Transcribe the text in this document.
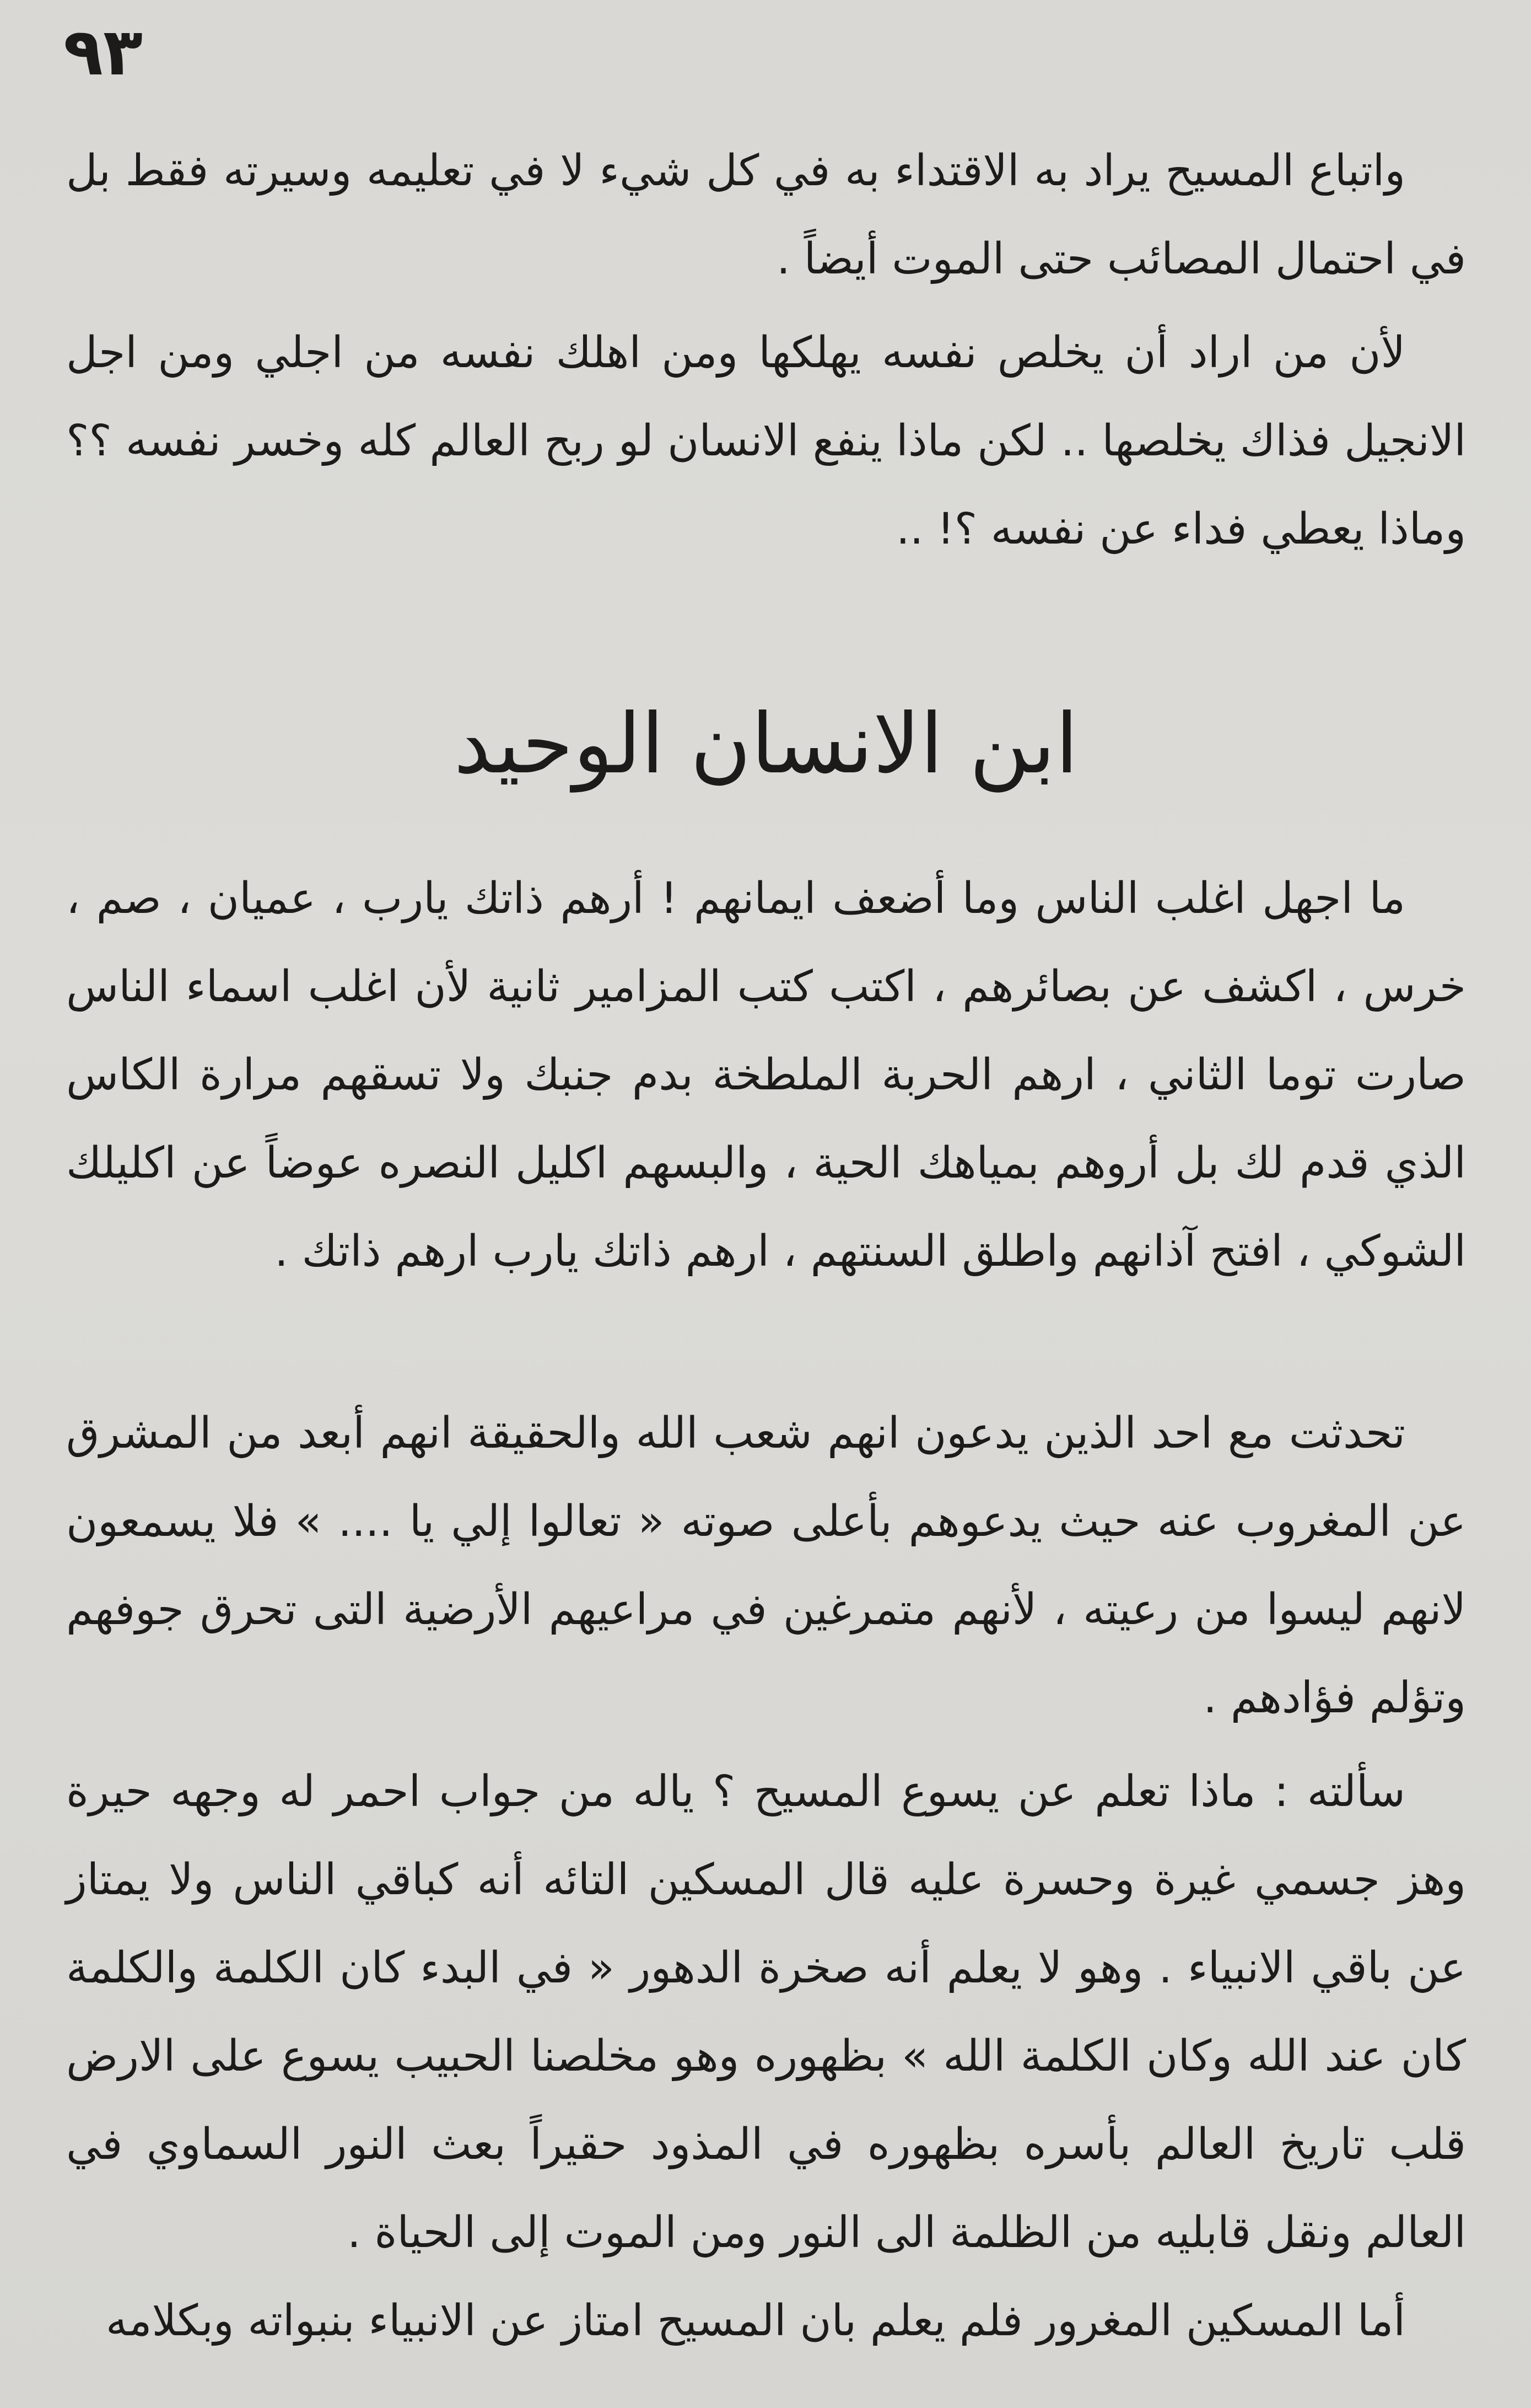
٩٣

واتباع المسيح يراد به الاقتداء به في كل شيء لا في تعليمه وسيرته فقط بل في احتمال المصائب حتى الموت أيضاً .

لأن من اراد أن يخلص نفسه يهلكها ومن اهلك نفسه من اجلي ومن اجل الانجيل فذاك يخلصها .. لكن ماذا ينفع الانسان لو ربح العالم كله وخسر نفسه ؟؟ وماذا يعطي فداء عن نفسه ؟! ..

ابن الانسان الوحيد

ما اجهل اغلب الناس وما أضعف ايمانهم ! أرهم ذاتك يارب ، عميان ، صم ، خرس ، اكشف عن بصائرهم ، اكتب كتب المزامير ثانية لأن اغلب اسماء الناس صارت توما الثاني ، ارهم الحربة الملطخة بدم جنبك ولا تسقهم مرارة الكاس الذي قدم لك بل أروهم بمياهك الحية ، والبسهم اكليل النصره عوضاً عن اكليلك الشوكي ، افتح آذانهم واطلق السنتهم ، ارهم ذاتك يارب ارهم ذاتك .

تحدثت مع احد الذين يدعون انهم شعب الله والحقيقة انهم أبعد من المشرق عن المغروب عنه حيث يدعوهم بأعلى صوته « تعالوا إلي يا .... » فلا يسمعون لانهم ليسوا من رعيته ، لأنهم متمرغين في مراعيهم الأرضية التى تحرق جوفهم وتؤلم فؤادهم .

سألته : ماذا تعلم عن يسوع المسيح ؟ ياله من جواب احمر له وجهه حيرة وهز جسمي غيرة وحسرة عليه قال المسكين التائه أنه كباقي الناس ولا يمتاز عن باقي الانبياء . وهو لا يعلم أنه صخرة الدهور « في البدء كان الكلمة والكلمة كان عند الله وكان الكلمة الله » بظهوره وهو مخلصنا الحبيب يسوع على الارض قلب تاريخ العالم بأسره بظهوره في المذود حقيراً بعث النور السماوي في العالم ونقل قابليه من الظلمة الى النور ومن الموت إلى الحياة .

أما المسكين المغرور فلم يعلم بان المسيح امتاز عن الانبياء بنبواته وبكلامه
